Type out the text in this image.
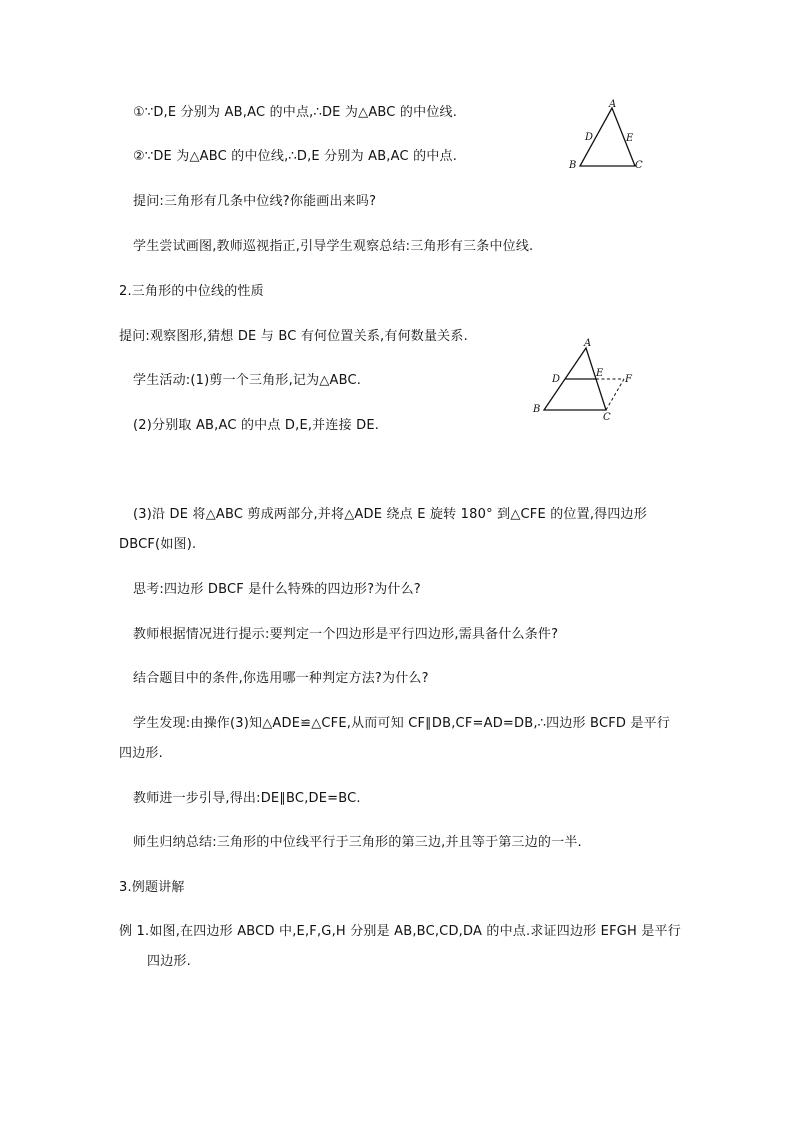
A
D	E
B	C
A
D
E
F
B
C
①∵D,E 分别为 AB,AC 的中点,∴DE 为△ABC 的中位线.
②∵DE 为△ABC 的中位线,∴D,E 分别为 AB,AC 的中点.
提问:三角形有几条中位线?你能画出来吗?
学生尝试画图,教师巡视指正,引导学生观察总结:三角形有三条中位线.
2.三角形的中位线的性质
提问:观察图形,猜想 DE 与 BC 有何位置关系,有何数量关系.
学生活动:(1)剪一个三角形,记为△ABC.
(2)分别取 AB,AC 的中点 D,E,并连接 DE.
(3)沿 DE 将△ABC 剪成两部分,并将△ADE 绕点 E 旋转 180° 到△CFE 的位置,得四边形
DBCF(如图).
思考:四边形 DBCF 是什么特殊的四边形?为什么?
教师根据情况进行提示:要判定一个四边形是平行四边形,需具备什么条件?
结合题目中的条件,你选用哪一种判定方法?为什么?
学生发现:由操作(3)知△ADE≌△CFE,从而可知 CF∥DB,CF=AD=DB,∴四边形 BCFD 是平行
四边形.
教师进一步引导,得出:DE∥BC,DE=BC.
师生归纳总结:三角形的中位线平行于三角形的第三边,并且等于第三边的一半.
3.例题讲解
例 1.如图,在四边形 ABCD 中,E,F,G,H 分别是 AB,BC,CD,DA 的中点.求证四边形 EFGH 是平行
四边形.
